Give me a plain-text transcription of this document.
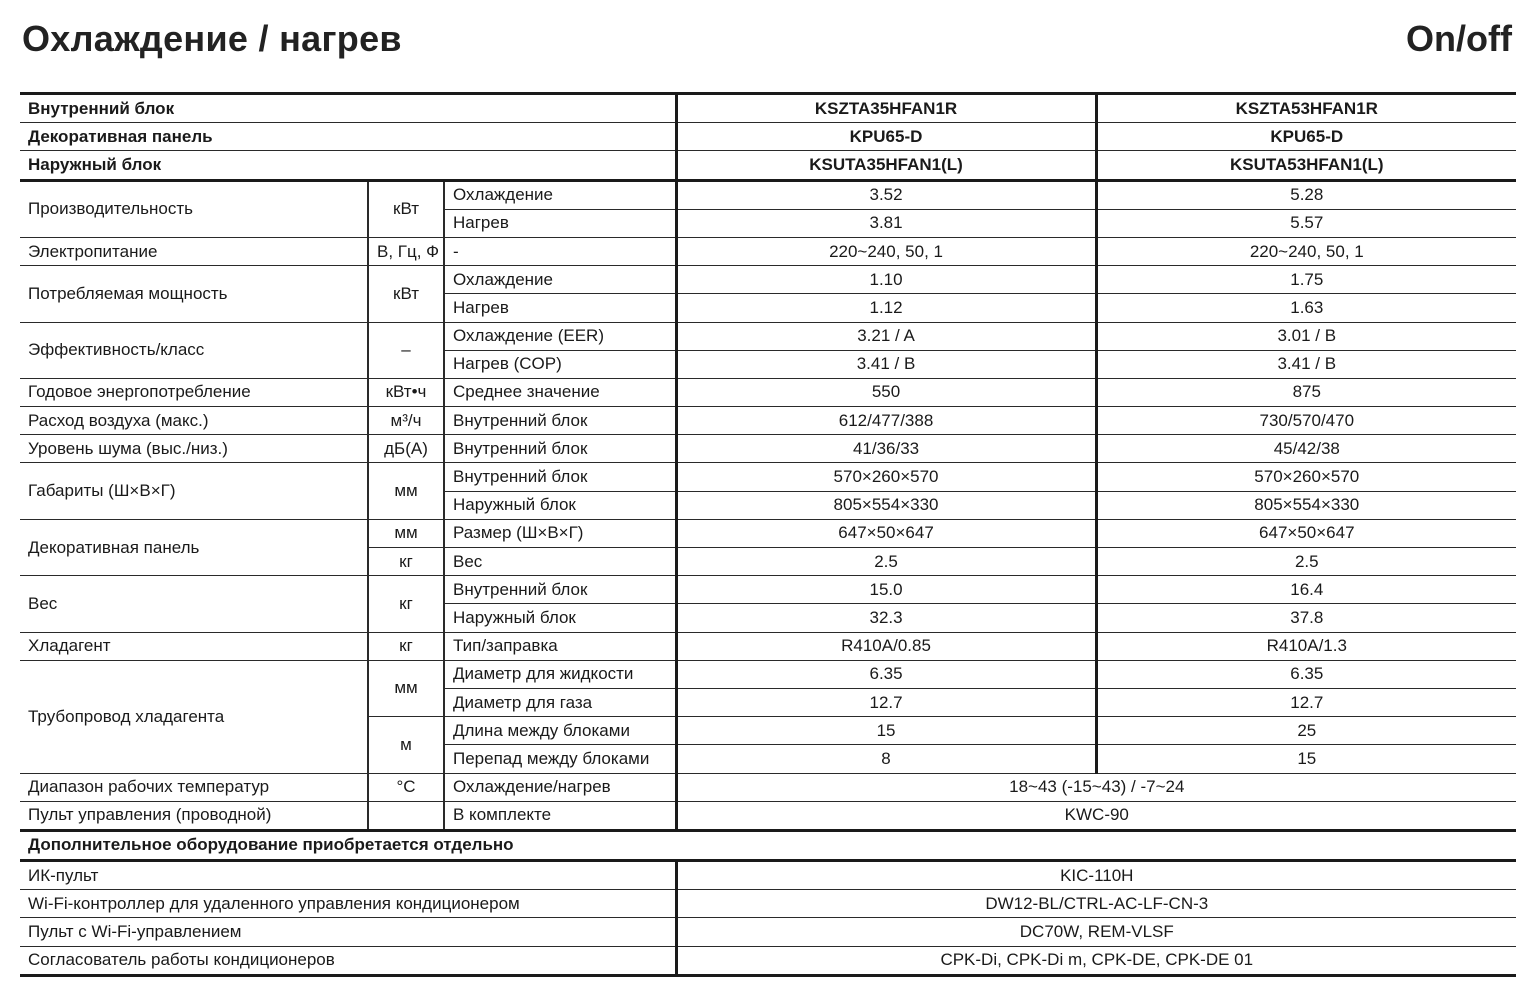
Охлаждение / нагрев	On/off
Внутренний блок			KSZTA35HFAN1R	KSZTA53HFAN1R
Декоративная панель			KPU65-D	KPU65-D
Наружный блок			KSUTA35HFAN1(L)	KSUTA53HFAN1(L)
Производительность	кВт	Охлаждение	3.52	5.28
		Нагрев	3.81	5.57
Электропитание	В, Гц, Ф	-	220~240, 50, 1	220~240, 50, 1
Потребляемая мощность	кВт	Охлаждение	1.10	1.75
		Нагрев	1.12	1.63
Эффективность/класс	–	Охлаждение (EER)	3.21 / A	3.01 / B
		Нагрев (COP)	3.41 / B	3.41 / B
Годовое энергопотребление	кВт•ч	Среднее значение	550	875
Расход воздуха (макс.)	м³/ч	Внутренний блок	612/477/388	730/570/470
Уровень шума (выс./низ.)	дБ(А)	Внутренний блок	41/36/33	45/42/38
Габариты (Ш×В×Г)	мм	Внутренний блок	570×260×570	570×260×570
		Наружный блок	805×554×330	805×554×330
Декоративная панель	мм	Размер (Ш×В×Г)	647×50×647	647×50×647
	кг	Вес	2.5	2.5
Вес	кг	Внутренний блок	15.0	16.4
		Наружный блок	32.3	37.8
Хладагент	кг	Тип/заправка	R410A/0.85	R410A/1.3
Трубопровод хладагента	мм	Диаметр для жидкости	6.35	6.35
		Диаметр для газа	12.7	12.7
	м	Длина между блоками	15	25
		Перепад между блоками	8	15
Диапазон рабочих температур	°С	Охлаждение/нагрев	18~43 (-15~43) / -7~24	
Пульт управления (проводной)		В комплекте	KWC-90	
Дополнительное оборудование приобретается отдельно				
ИК-пульт			KIC-110H	
Wi-Fi-контроллер для удаленного управления кондиционером			DW12-BL/CTRL-AC-LF-CN-3	
Пульт с Wi-Fi-управлением			DC70W, REM-VLSF	
Согласователь работы кондиционеров			CPK-Di, CPK-Di m, CPK-DE, CPK-DE 01	
